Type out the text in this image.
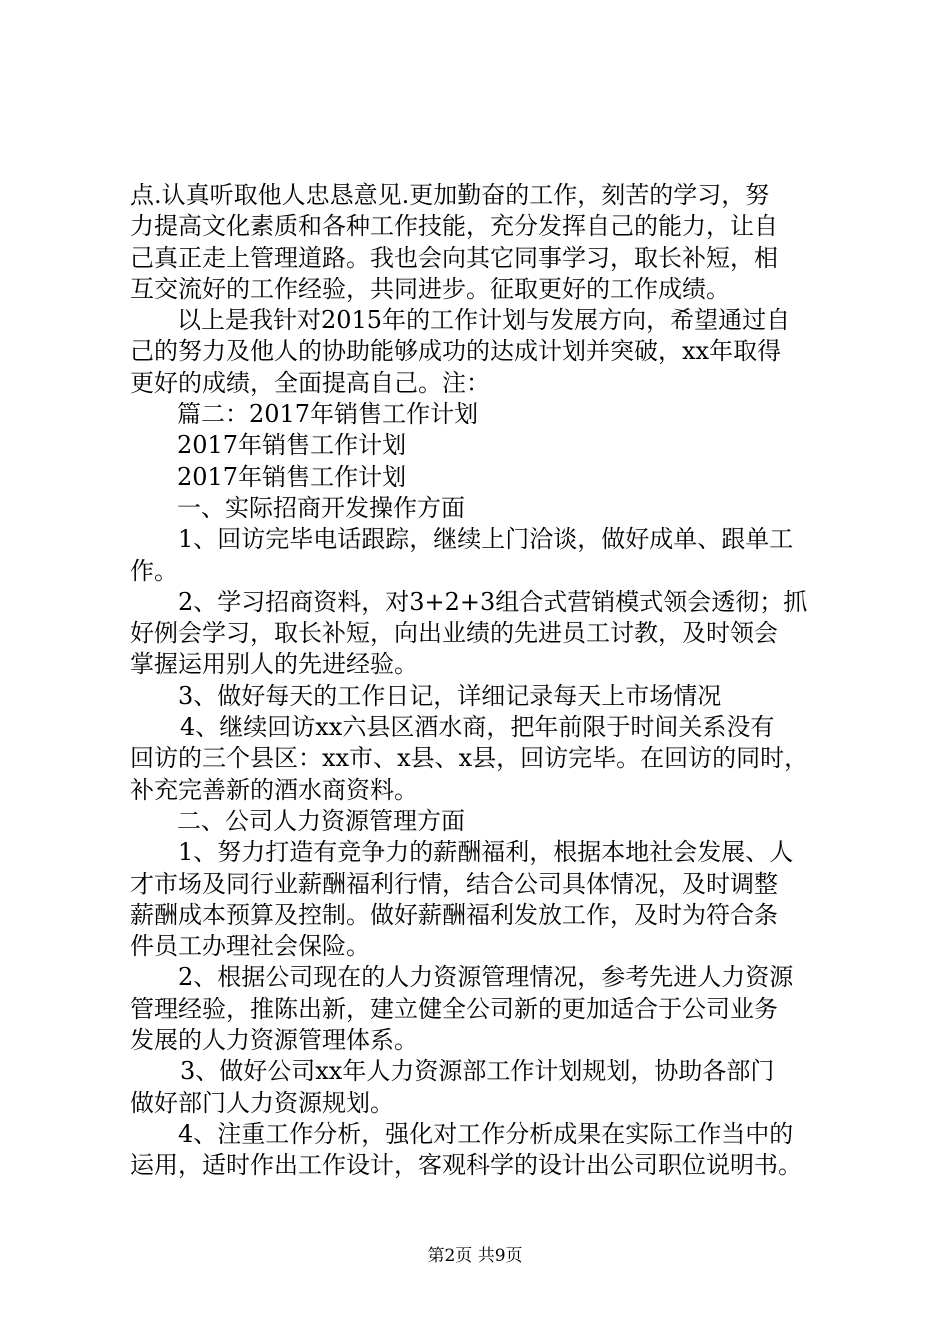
点.认真听取他人忠恳意见.更加勤奋的工作，刻苦的学习，努
力提高文化素质和各种工作技能，充分发挥自己的能力，让自
己真正走上管理道路。我也会向其它同事学习，取长补短，相
互交流好的工作经验，共同进步。征取更好的工作成绩。
以上是我针对2015年的工作计划与发展方向，希望通过自
己的努力及他人的协助能够成功的达成计划并突破，xx年取得
更好的成绩，全面提高自己。注：
篇二：2017年销售工作计划
2017年销售工作计划
2017年销售工作计划
一、实际招商开发操作方面
1、回访完毕电话跟踪，继续上门洽谈，做好成单、跟单工
作。
2、学习招商资料，对3+2+3组合式营销模式领会透彻；抓
好例会学习，取长补短，向出业绩的先进员工讨教，及时领会
掌握运用别人的先进经验。
3、做好每天的工作日记，详细记录每天上市场情况
4、继续回访xx六县区酒水商，把年前限于时间关系没有
回访的三个县区：xx市、x县、x县，回访完毕。在回访的同时，
补充完善新的酒水商资料。
二、公司人力资源管理方面
1、努力打造有竞争力的薪酬福利，根据本地社会发展、人
才市场及同行业薪酬福利行情，结合公司具体情况，及时调整
薪酬成本预算及控制。做好薪酬福利发放工作，及时为符合条
件员工办理社会保险。
2、根据公司现在的人力资源管理情况，参考先进人力资源
管理经验，推陈出新，建立健全公司新的更加适合于公司业务
发展的人力资源管理体系。
3、做好公司xx年人力资源部工作计划规划，协助各部门
做好部门人力资源规划。
4、注重工作分析，强化对工作分析成果在实际工作当中的
运用，适时作出工作设计，客观科学的设计出公司职位说明书。
第2页 共9页
